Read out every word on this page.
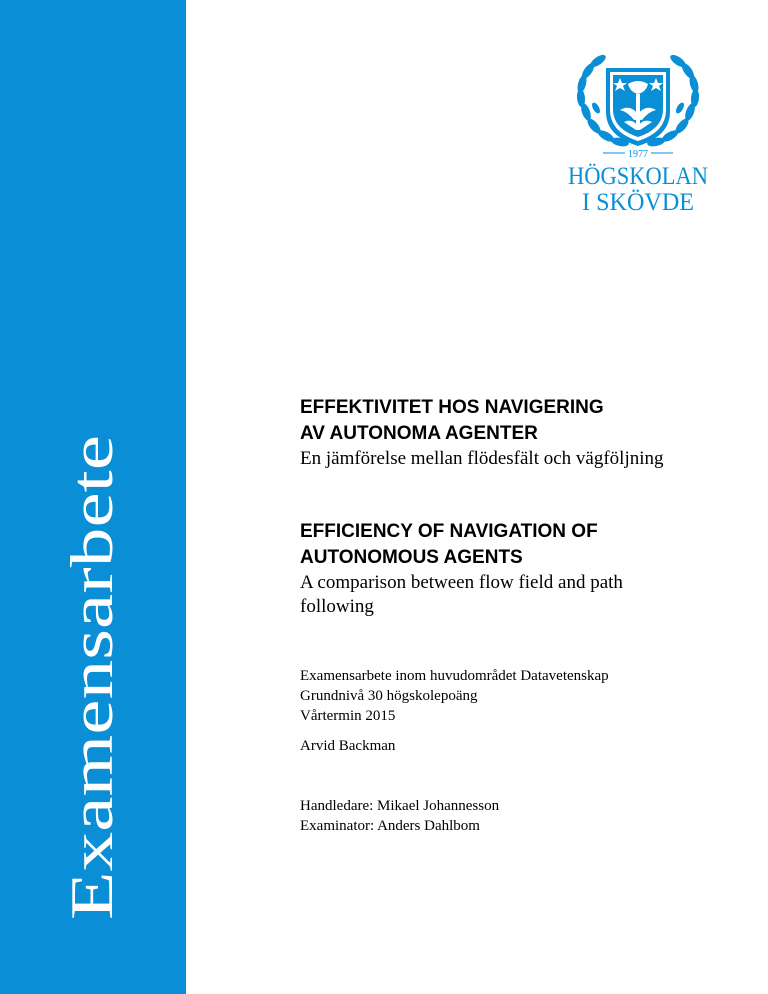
Examensarbete
1977
HÖGSKOLAN
I SKÖVDE

EFFEKTIVITET HOS NAVIGERING

AV AUTONOMA AGENTER

En jämförelse mellan flödesfält och vägföljning

EFFICIENCY OF NAVIGATION OF

AUTONOMOUS AGENTS

A comparison between flow field and path

following

Examensarbete inom huvudområdet Datavetenskap
Grundnivå 30 högskolepoäng
Vårtermin 2015
Arvid Backman
Handledare: Mikael Johannesson
Examinator: Anders Dahlbom
